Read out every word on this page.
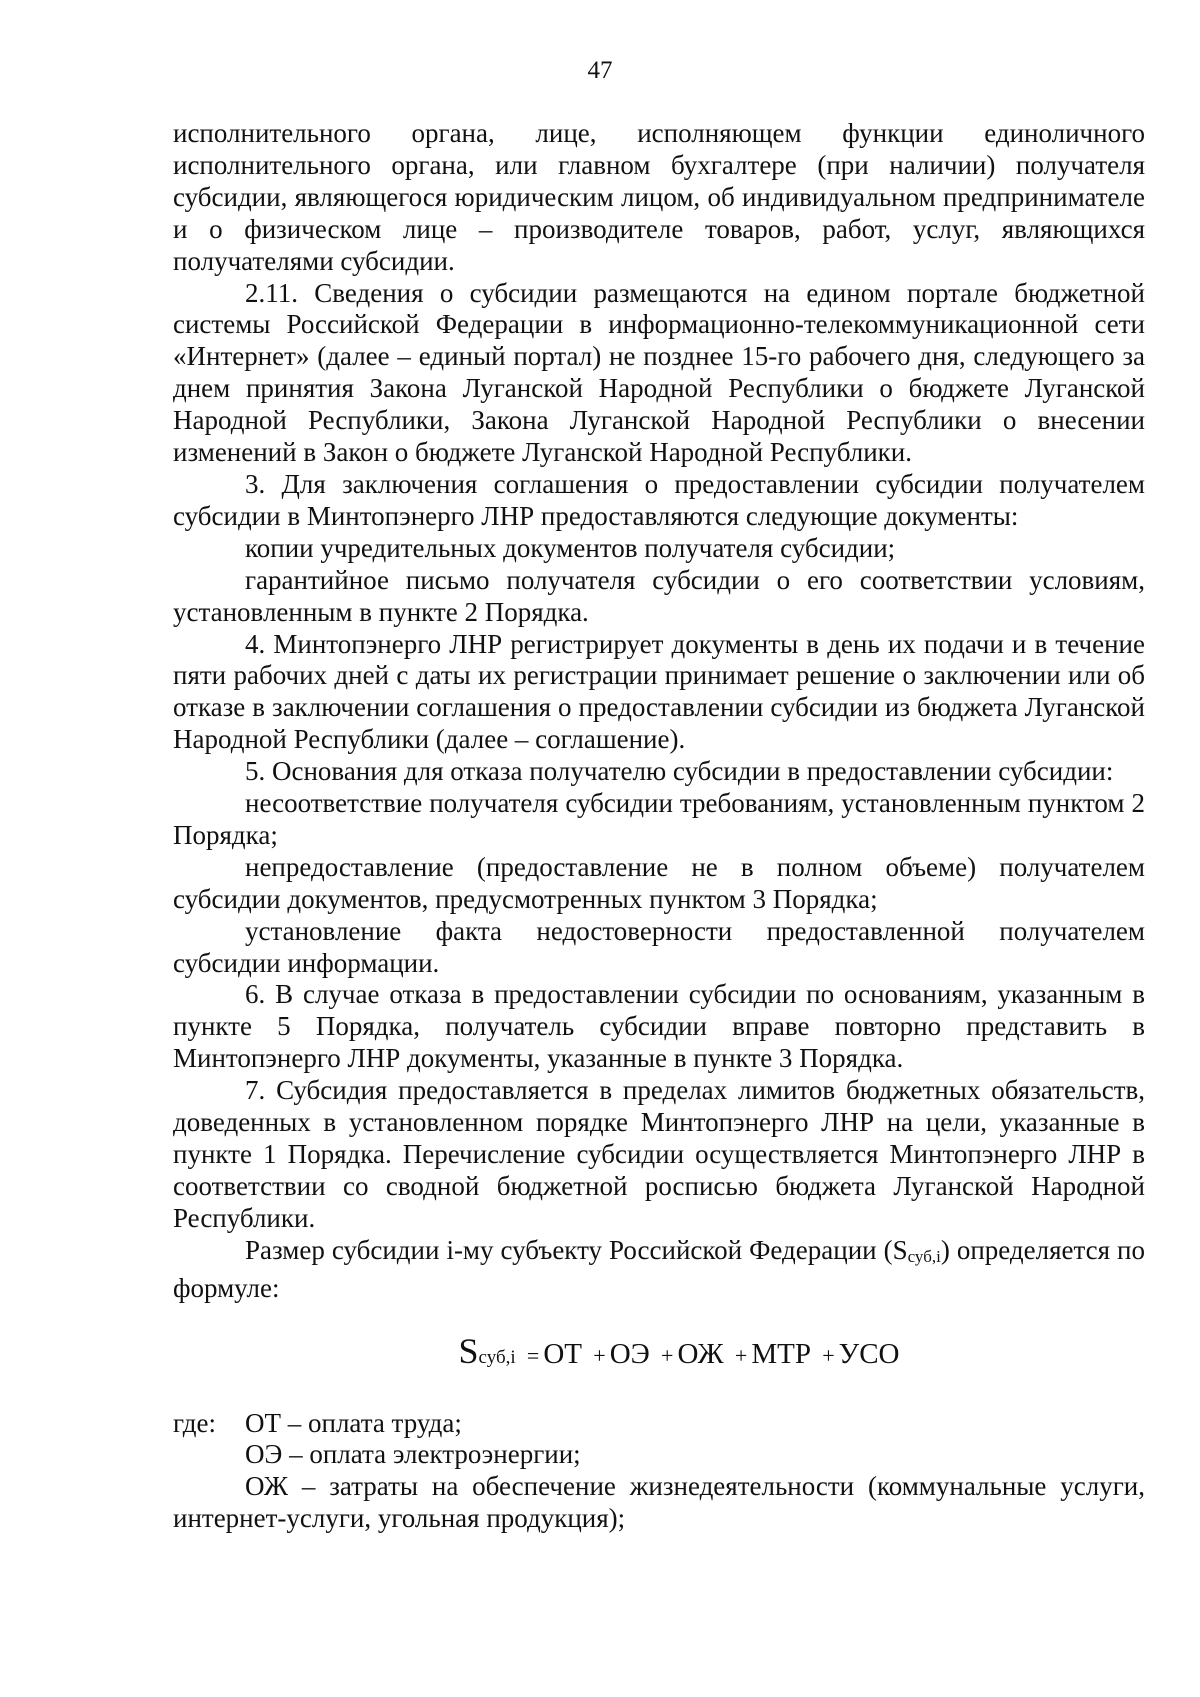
47

исполнительного органа, лице, исполняющем функции единоличного исполнительного органа, или главном бухгалтере (при наличии) получателя субсидии, являющегося юридическим лицом, об индивидуальном предпринимателе и о физическом лице – производителе товаров, работ, услуг, являющихся получателями субсидии.

2.11. Сведения о субсидии размещаются на едином портале бюджетной системы Российской Федерации в информационно-телекоммуникационной сети «Интернет» (далее – единый портал) не позднее 15-го рабочего дня, следующего за днем принятия Закона Луганской Народной Республики о бюджете Луганской Народной Республики, Закона Луганской Народной Республики о внесении изменений в Закон о бюджете Луганской Народной Республики.

3. Для заключения соглашения о предоставлении субсидии получателем субсидии в Минтопэнерго ЛНР предоставляются следующие документы:

копии учредительных документов получателя субсидии;

гарантийное письмо получателя субсидии о его соответствии условиям, установленным в пункте 2 Порядка.

4. Минтопэнерго ЛНР регистрирует документы в день их подачи и в течение пяти рабочих дней с даты их регистрации принимает решение о заключении или об отказе в заключении соглашения о предоставлении субсидии из бюджета Луганской Народной Республики (далее – соглашение).

5. Основания для отказа получателю субсидии в предоставлении субсидии:

несоответствие получателя субсидии требованиям, установленным пунктом 2 Порядка;

непредоставление (предоставление не в полном объеме) получателем субсидии документов, предусмотренных пунктом 3 Порядка;

установление факта недостоверности предоставленной получателем субсидии информации.

6. В случае отказа в предоставлении субсидии по основаниям, указанным в пункте 5 Порядка, получатель субсидии вправе повторно представить в Минтопэнерго ЛНР документы, указанные в пункте 3 Порядка.

7. Субсидия предоставляется в пределах лимитов бюджетных обязательств, доведенных в установленном порядке Минтопэнерго ЛНР на цели, указанные в пункте 1 Порядка. Перечисление субсидии осуществляется Минтопэнерго ЛНР в соответствии со сводной бюджетной росписью бюджета Луганской Народной Республики.

Размер субсидии i-му субъекту Российской Федерации (Sсуб,i) определяется по формуле:

Sсуб,i = ОТ + ОЭ + ОЖ + МТР + УСО
где:	ОТ – оплата труда;

ОЭ – оплата электроэнергии;

ОЖ – затраты на обеспечение жизнедеятельности (коммунальные услуги, интернет-услуги, угольная продукция);
